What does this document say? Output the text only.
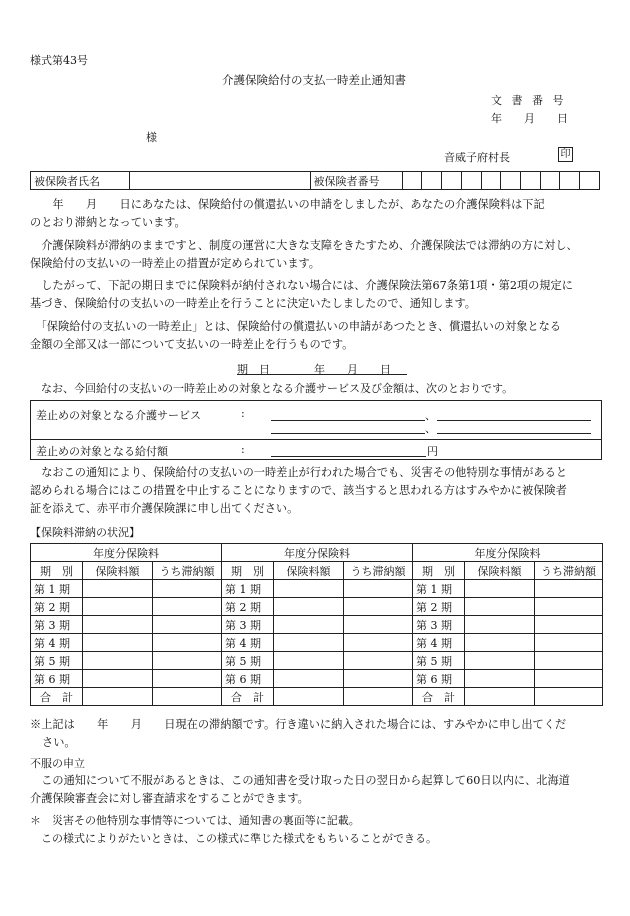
様式第43号
介護保険給付の支払一時差止通知書
文 書 番 号
年　　月　　日
様
音威子府村長	印
被保険者氏名		被保険者番号										
　　年　　月　　日にあなたは、保険給付の償還払いの申請をしましたが、あなたの介護保険料は下記
のとおり滞納となっています。
　介護保険料が滞納のままですと、制度の運営に大きな支障をきたすため、介護保険法では滞納の方に対し、
保険給付の支払いの一時差止の措置が定められています。
　したがって、下記の期日までに保険料が納付されない場合には、介護保険法第67条第1項・第2項の規定に
基づき、保険給付の支払いの一時差止を行うことに決定いたしましたので、通知します。
　「保険給付の支払いの一時差止」とは、保険給付の償還払いの申請があつたとき、償還払いの対象となる
金額の全部又は一部について支払いの一時差止を行うものです。
期　日	年　　月　　日
　なお、今回給付の支払いの一時差止めの対象となる介護サービス及び金額は、次のとおりです。
差止めの対象となる介護サービス	:	、
、
差止めの対象となる給付額	:	円
　なおこの通知により、保険給付の支払いの一時差止が行われた場合でも、災害その他特別な事情があると
認められる場合にはこの措置を中止することになりますので、該当すると思われる方はすみやかに被保険者
証を添えて、赤平市介護保険課に申し出てください。
【保険料滞納の状況】
年度分保険料			年度分保険料			年度分保険料		
期　別	保険料額	うち滞納額	期　別	保険料額	うち滞納額	期　別	保険料額	うち滞納額
第 1 期			第 1 期			第 1 期		
第 2 期			第 2 期			第 2 期		
第 3 期			第 3 期			第 3 期		
第 4 期			第 4 期			第 4 期		
第 5 期			第 5 期			第 5 期		
第 6 期			第 6 期			第 6 期		
合　計			合　計			合　計		
※上記は　　年　　月　　日現在の滞納額です。行き違いに納入された場合には、すみやかに申し出てくだ
さい。
不服の申立
　この通知について不服があるときは、この通知書を受け取った日の翌日から起算して60日以内に、北海道
介護保険審査会に対し審査請求をすることができます。
＊　災害その他特別な事情等については、通知書の裏面等に記載。
　この様式によりがたいときは、この様式に準じた様式をもちいることができる。
